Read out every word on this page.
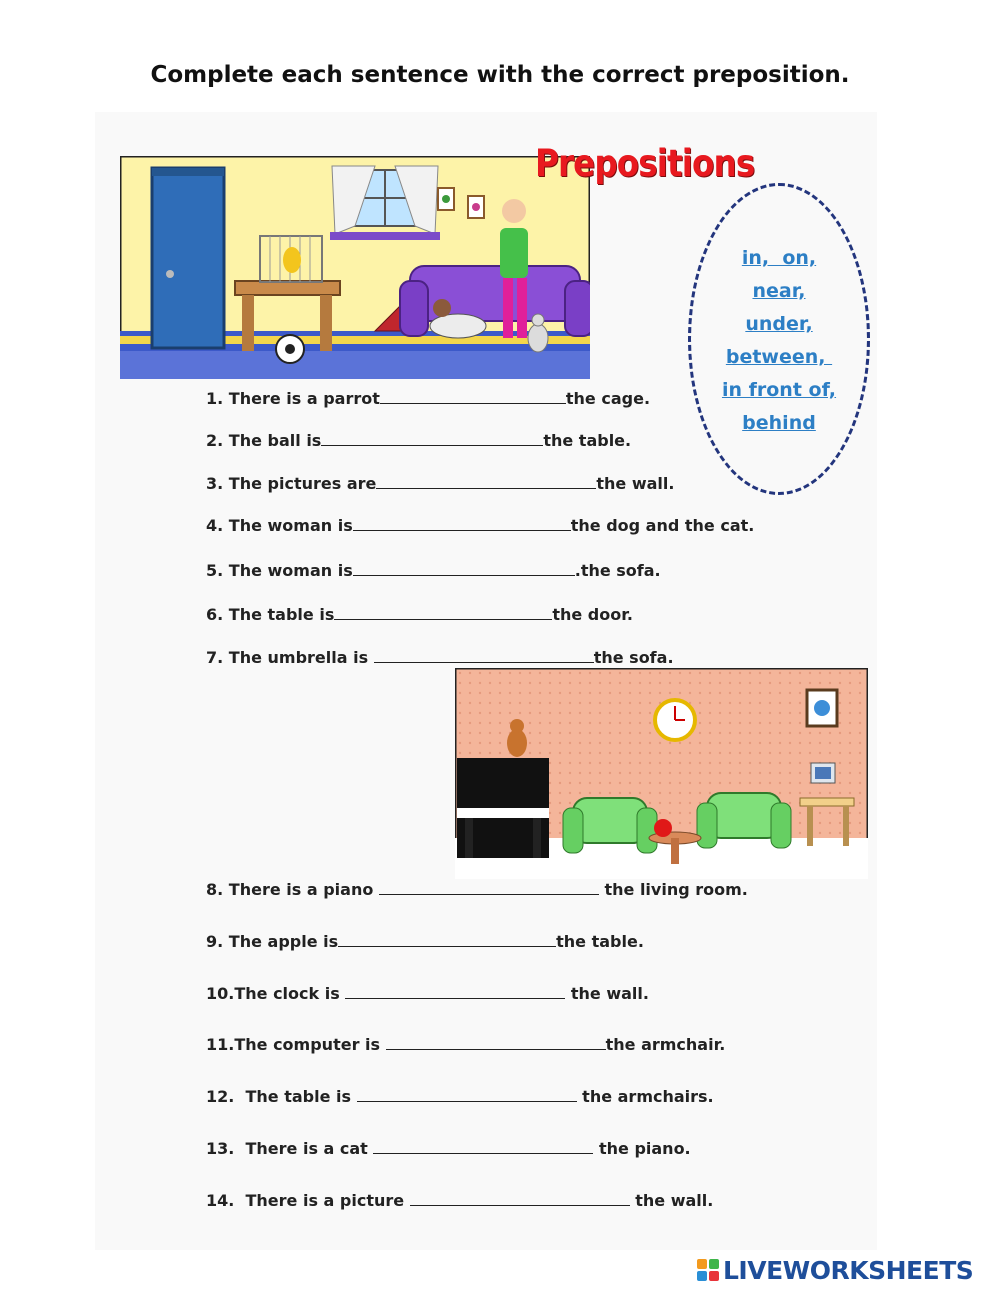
Complete each sentence with the correct preposition.
Prepositions
in,  on,
near,
under,
between,
in front of,
behind
1. There is a parrot	the cage.
2. The ball is	the table.
3. The pictures are	the wall.
4. The woman is	the dog and the cat.
5. The woman is	.the sofa.
6. The table is	the door.
7. The umbrella is	the sofa.
8. There is a piano	the living room.
9. The apple is	the table.
10.The clock is	the wall.
11.The computer is	the armchair.
12.  The table is	the armchairs.
13.  There is a cat	the piano.
14.  There is a picture	the wall.
LIVEWORKSHEETS
